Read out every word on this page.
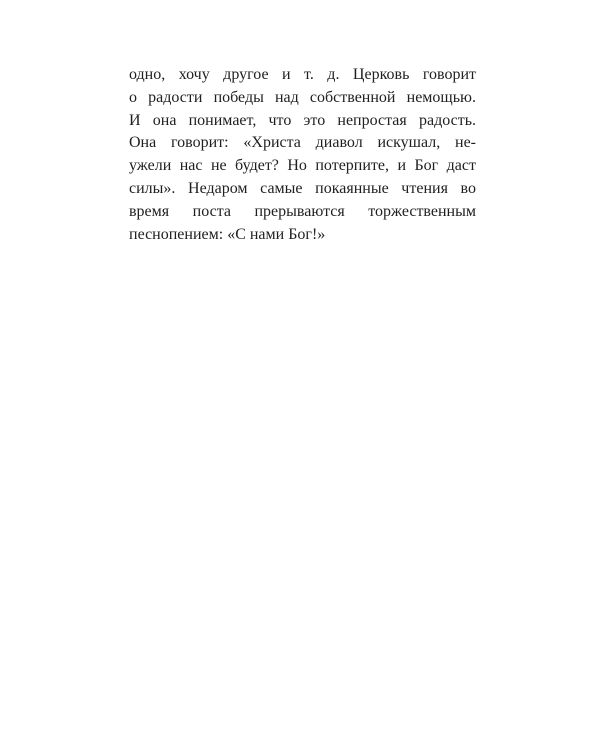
одно, хочу другое и т. д. Церковь говорит
о радости победы над собственной немощью.
И она понимает, что это непростая радость.
Она говорит: «Христа диавол искушал, не-
ужели нас не будет? Но потерпите, и Бог даст
силы». Недаром самые покаянные чтения во
время поста прерываются торжественным
песнопением: «С нами Бог!»
